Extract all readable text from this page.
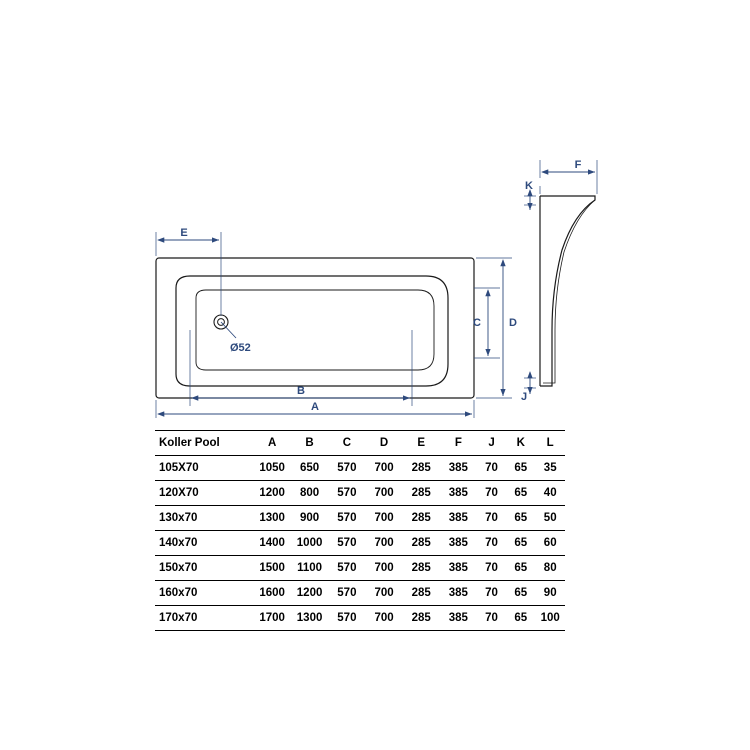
Ø52
E
B
A
C	D
F
K
J
Koller Pool	A	B	C	D	E	F	J	K	L
105X70	1050	650	570	700	285	385	70	65	35
120X70	1200	800	570	700	285	385	70	65	40
130x70	1300	900	570	700	285	385	70	65	50
140x70	1400	1000	570	700	285	385	70	65	60
150x70	1500	1100	570	700	285	385	70	65	80
160x70	1600	1200	570	700	285	385	70	65	90
170x70	1700	1300	570	700	285	385	70	65	100
